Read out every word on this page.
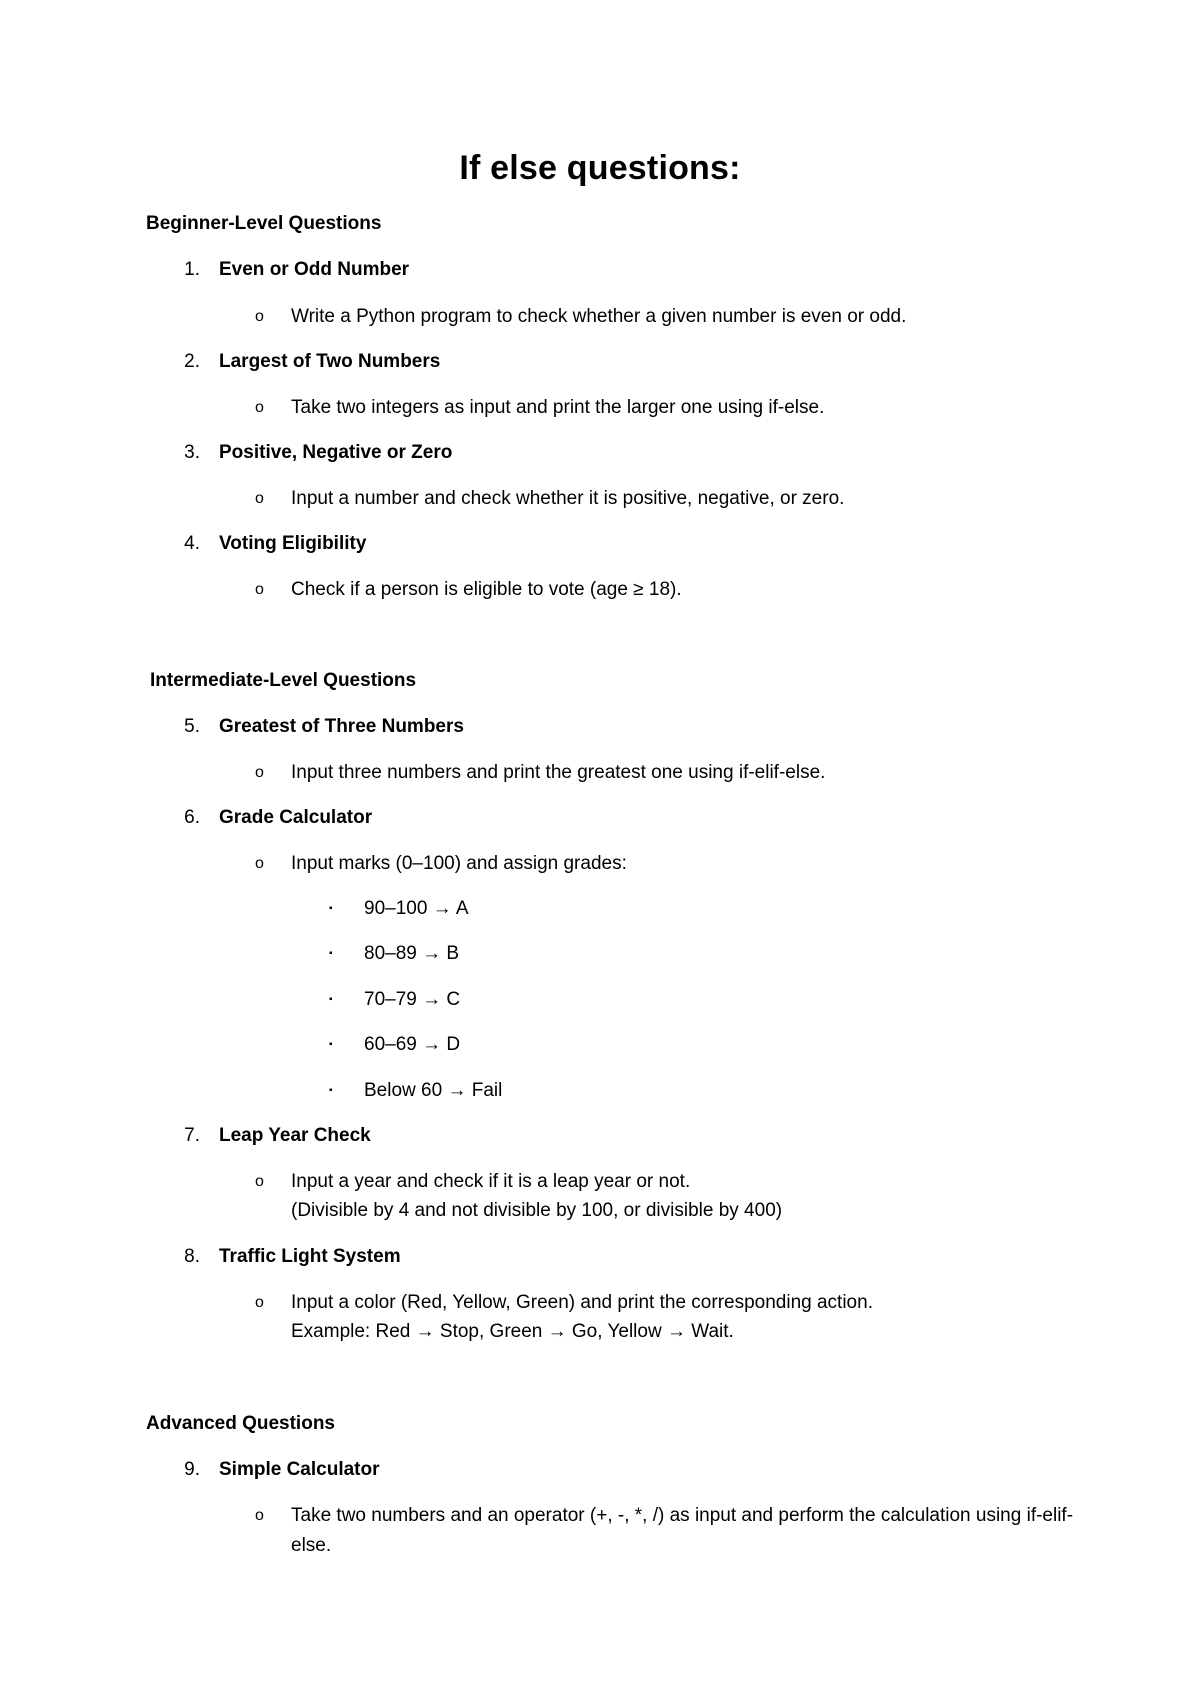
If else questions:
Beginner-Level Questions
1. Even or Odd Number
o Write a Python program to check whether a given number is even or odd.
2. Largest of Two Numbers
o Take two integers as input and print the larger one using if-else.
3. Positive, Negative or Zero
o Input a number and check whether it is positive, negative, or zero.
4. Voting Eligibility
o Check if a person is eligible to vote (age ≥ 18).
Intermediate-Level Questions
5. Greatest of Three Numbers
o Input three numbers and print the greatest one using if-elif-else.
6. Grade Calculator
o Input marks (0–100) and assign grades:
▪ 90–100 → A
▪ 80–89 → B
▪ 70–79 → C
▪ 60–69 → D
▪ Below 60 → Fail
7. Leap Year Check
o Input a year and check if it is a leap year or not.
(Divisible by 4 and not divisible by 100, or divisible by 400)
8. Traffic Light System
o Input a color (Red, Yellow, Green) and print the corresponding action.
Example: Red → Stop, Green → Go, Yellow → Wait.
Advanced Questions
9. Simple Calculator
o Take two numbers and an operator (+, -, *, /) as input and perform the calculation using if-elif-else.
